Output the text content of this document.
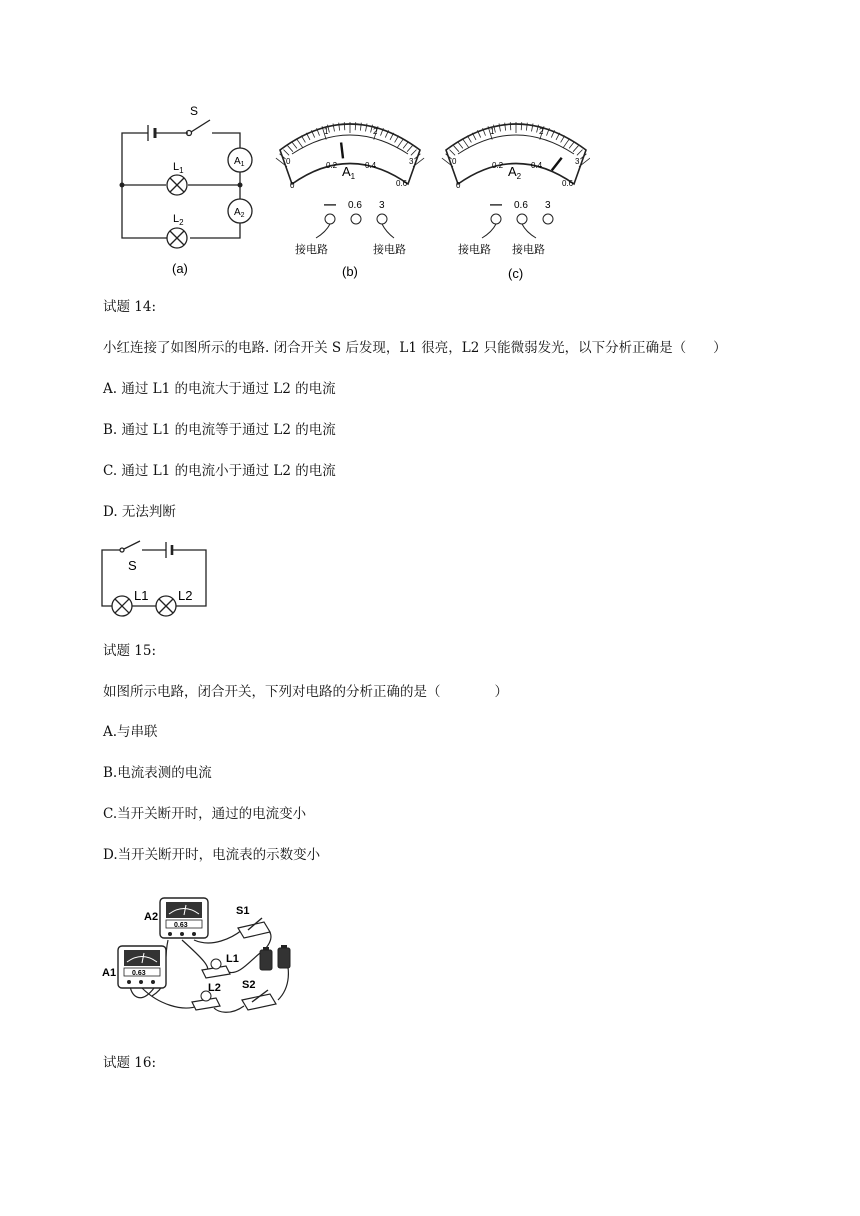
S
$L_1$
$L_2$
$A_1$
$A_2$
(a)
0
1	2
3
0
0.2	0.4
0.6
$A_1$
— 0.6 3
接电路	接电路
(b)
0
1	2
3
0
0.2	0.4
0.6
$A_2$
— 0.6 3
接电路 接电路
(c)
试题 14:
小红连接了如图所示的电路. 闭合开关 S 后发现，L1 很亮，L2 只能微弱发光，以下分析正确是（　　）
A. 通过 L1 的电流大于通过 L2 的电流
B. 通过 L1 的电流等于通过 L2 的电流
C. 通过 L1 的电流小于通过 L2 的电流
D. 无法判断
S
L1 L2
试题 15:
如图所示电路，闭合开关，下列对电路的分析正确的是（　　　　）
A.与串联
B.电流表测的电流
C.当开关断开时，通过的电流变小
D.当开关断开时，电流表的示数变小
0.63
A2
0.63
A1
S1
L1
L2 S2
试题 16:
